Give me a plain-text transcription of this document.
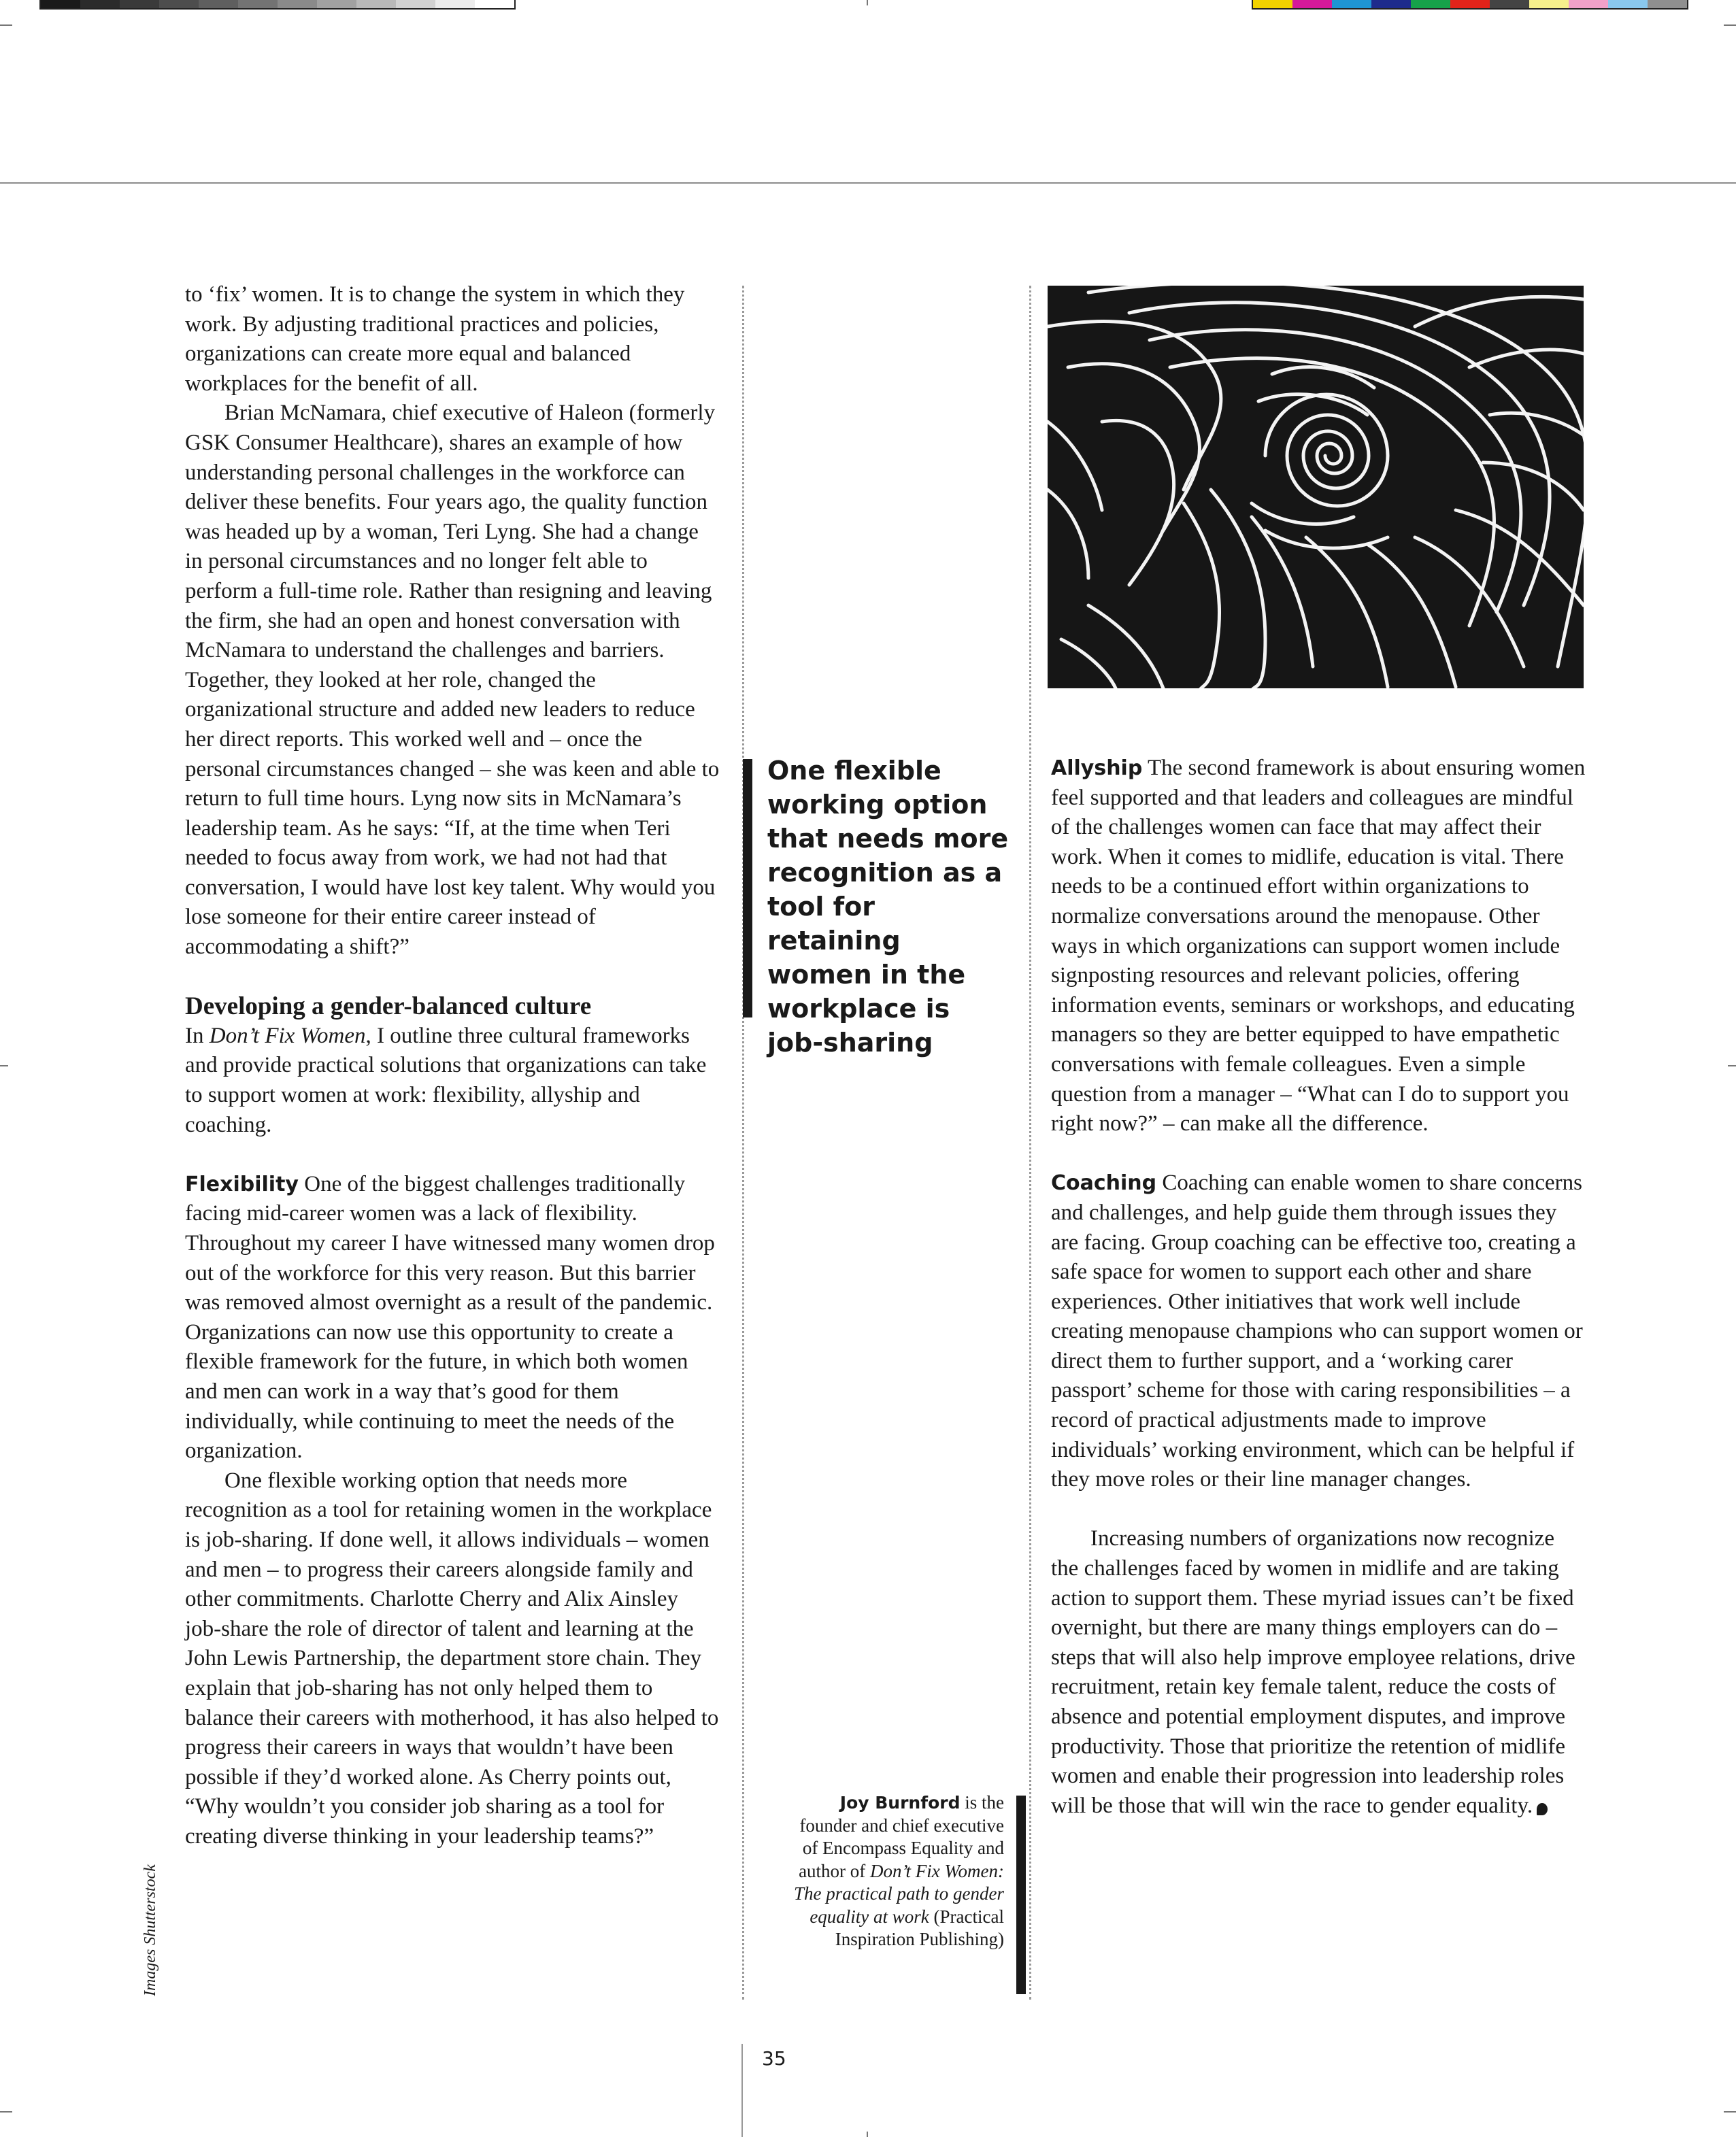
to ‘fix’ women. It is to change the system in which they work. By adjusting traditional practices and policies, organizations can create more equal and balanced workplaces for the benefit of all.

Brian McNamara, chief executive of Haleon (formerly GSK Consumer Healthcare), shares an example of how understanding personal challenges in the workforce can deliver these benefits. Four years ago, the quality function was headed up by a woman, Teri Lyng. She had a change in personal circumstances and no longer felt able to perform a full-time role. Rather than resigning and leaving the firm, she had an open and honest conversation with McNamara to understand the challenges and barriers. Together, they looked at her role, changed the organizational structure and added new leaders to reduce her direct reports. This worked well and – once the personal circumstances changed – she was keen and able to return to full time hours. Lyng now sits in McNamara’s leadership team. As he says: “If, at the time when Teri needed to focus away from work, we had not had that conversation, I would have lost key talent. Why would you lose someone for their entire career instead of accommodating a shift?”

Developing a gender-balanced culture

In Don’t Fix Women, I outline three cultural frameworks and provide practical solutions that organizations can take to support women at work: flexibility, allyship and coaching.

Flexibility One of the biggest challenges traditionally facing mid-career women was a lack of flexibility. Throughout my career I have witnessed many women drop out of the workforce for this very reason. But this barrier was removed almost overnight as a result of the pandemic. Organizations can now use this opportunity to create a flexible framework for the future, in which both women and men can work in a way that’s good for them individually, while continuing to meet the needs of the organization.

One flexible working option that needs more recognition as a tool for retaining women in the workplace is job-sharing. If done well, it allows individuals – women and men – to progress their careers alongside family and other commitments. Charlotte Cherry and Alix Ainsley job-share the role of director of talent and learning at the John Lewis Partnership, the department store chain. They explain that job-sharing has not only helped them to balance their careers with motherhood, it has also helped to progress their careers in ways that wouldn’t have been possible if they’d worked alone. As Cherry points out, “Why wouldn’t you consider job sharing as a tool for creating diverse thinking in your leadership teams?”

One flexible working option that needs more recognition as a tool for retaining women in the workplace is job-sharing
Joy Burnford is the founder and chief executive of Encompass Equality and author of Don’t Fix Women: The practical path to gender equality at work (Practical Inspiration Publishing)

Allyship The second framework is about ensuring women feel supported and that leaders and colleagues are mindful of the challenges women can face that may affect their work. When it comes to midlife, education is vital. There needs to be a continued effort within organizations to normalize conversations around the menopause. Other ways in which organizations can support women include signposting resources and relevant policies, offering information events, seminars or workshops, and educating managers so they are better equipped to have empathetic conversations with female colleagues. Even a simple question from a manager – “What can I do to support you right now?” – can make all the difference.

Coaching Coaching can enable women to share concerns and challenges, and help guide them through issues they are facing. Group coaching can be effective too, creating a safe space for women to support each other and share experiences. Other initiatives that work well include creating menopause champions who can support women or direct them to further support, and a ‘working carer passport’ scheme for those with caring responsibilities – a record of practical adjustments made to improve individuals’ working environment, which can be helpful if they move roles or their line manager changes.

Increasing numbers of organizations now recognize the challenges faced by women in midlife and are taking action to support them. These myriad issues can’t be fixed overnight, but there are many things employers can do – steps that will also help improve employee relations, drive recruitment, retain key female talent, reduce the costs of absence and potential employment disputes, and improve productivity. Those that prioritize the retention of midlife women and enable their progression into leadership roles will be those that will win the race to gender equality.

Images Shutterstock
35
